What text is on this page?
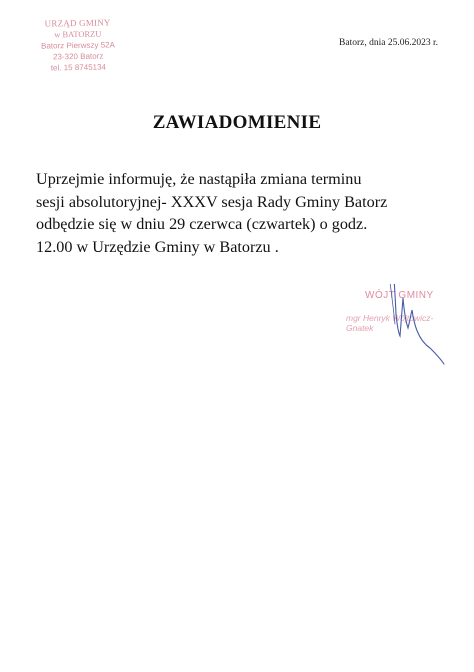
URZĄD GMINY
w BATORZU
Batorz Pierwszy 52A
23-320 Batorz
tel. 15 8745134
Batorz, dnia 25.06.2023 r.
ZAWIADOMIENIE
Uprzejmie informuję, że nastąpiła zmiana terminu
sesji absolutoryjnej- XXXV sesja Rady Gminy Batorz
odbędzie się w dniu 29 czerwca (czwartek) o godz.
12.00 w Urzędzie Gminy w Batorzu .
WÓJT GMINY
mgr Henryk Wójtowicz-Gnatek
